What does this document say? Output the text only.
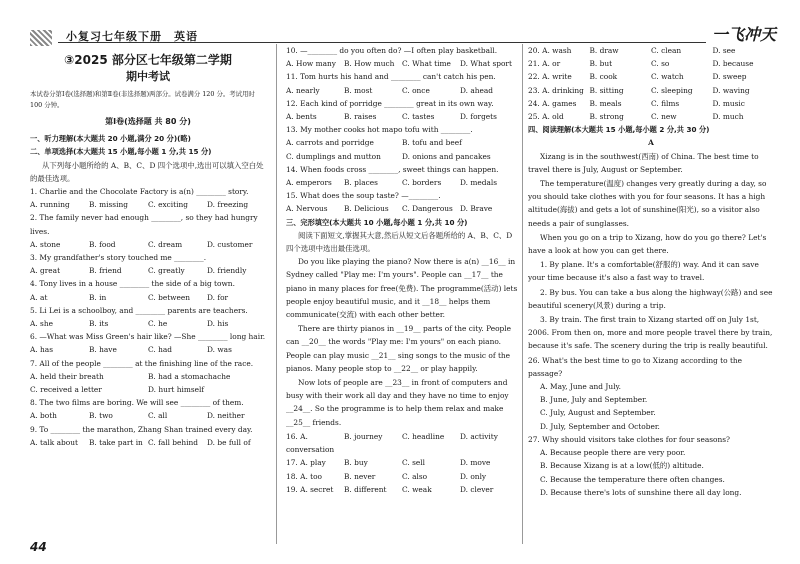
小复习七年级下册　英语	一飞冲天
③2025 部分区七年级第二学期
期中考试
本试卷分第Ⅰ卷(选择题)和第Ⅱ卷(非选择题)两部分。试卷满分 120 分。考试用时 100 分钟。
第Ⅰ卷(选择题 共 80 分)
一、听力理解(本大题共 20 小题,满分 20 分)(略)
二、单项选择(本大题共 15 小题,每小题 1 分,共 15 分)
从下列每小题所给的 A、B、C、D 四个选项中,选出可以填入空白处的最佳选项。
1. Charlie and the Chocolate Factory is a(n) ________ story.
A. running	B. missing	C. exciting	D. freezing
2. The family never had enough ________, so they had hungry lives.
A. stone	B. food	C. dream	D. customer
3. My grandfather's story touched me ________.
A. great	B. friend	C. greatly	D. friendly
4. Tony lives in a house ________ the side of a big town.
A. at	B. in	C. between	D. for
5. Li Lei is a schoolboy, and ________ parents are teachers.
A. she	B. its	C. he	D. his
6. —What was Miss Green's hair like? —She ________ long hair.
A. has	B. have	C. had	D. was
7. All of the people ________ at the finishing line of the race.
A. held their breath	B. had a stomachache
C. received a letter	D. hurt himself
8. The two films are boring. We will see ________ of them.
A. both	B. two	C. all	D. neither
9. To ________ the marathon, Zhang Shan trained every day.
A. talk about	B. take part in C. fall behind	D. be full of
10. —________ do you often do? —I often play basketball.
A. How many	B. How much	C. What time	D. What sport
11. Tom hurts his hand and ________ can't catch his pen.
A. nearly	B. most	C. once	D. ahead
12. Each kind of porridge ________ great in its own way.
A. bents	B. raises	C. tastes	D. forgets
13. My mother cooks hot mapo tofu with ________.
A. carrots and porridge	B. tofu and beef
C. dumplings and mutton	D. onions and pancakes
14. When foods cross ________, sweet things can happen.
A. emperors	B. places	C. borders	D. medals
15. What does the soup taste? —________.
A. Nervous	B. Delicious	C. Dangerous D. Brave
三、完形填空(本大题共 10 小题,每小题 1 分,共 10 分)
阅读下面短文,掌握其大意,然后从短文后各题所给的 A、B、C、D 四个选项中选出最佳选项。
Do you like playing the piano? Now there is a(n) __16__ in Sydney called "Play me: I'm yours". People can __17__ the piano in many places for free(免费). The programme(活动) lets people enjoy beautiful music, and it __18__ helps them communicate(交流) with each other better.
There are thirty pianos in __19__ parts of the city. People can __20__ the words "Play me: I'm yours" on each piano. People can play music __21__ sing songs to the music of the pianos. Many people stop to __22__ or play happily.
Now lots of people are __23__ in front of computers and busy with their work all day and they have no time to enjoy __24__. So the programme is to help them relax and make __25__ friends.
16. A. conversation
B. journey	C. headline	D. activity
17. A. play	B. buy	C. sell	D. move
18. A. too	B. never	C. also	D. only
19. A. secret	B. different	C. weak	D. clever
20. A. wash	B. draw	C. clean	D. see
21. A. or	B. but	C. so	D. because
22. A. write	B. cook	C. watch	D. sweep
23. A. drinking B. sitting	C. sleeping	D. waving
24. A. games	B. meals	C. films	D. music
25. A. old	B. strong	C. new	D. much
四、阅读理解(本大题共 15 小题,每小题 2 分,共 30 分)
A
Xizang is in the southwest(西南) of China. The best time to travel there is July, August or September.
The temperature(温度) changes very greatly during a day, so you should take clothes with you for four seasons. It has a high altitude(海拔) and gets a lot of sunshine(阳光), so a visitor also needs a pair of sunglasses.
When you go on a trip to Xizang, how do you go there? Let's have a look at how you can get there.
1. By plane. It's a comfortable(舒服的) way. And it can save your time because it's also a fast way to travel.
2. By bus. You can take a bus along the highway(公路) and see beautiful scenery(风景) during a trip.
3. By train. The first train to Xizang started off on July 1st, 2006. From then on, more and more people travel there by train, because it's safe. The scenery during the trip is really beautiful.
26. What's the best time to go to Xizang according to the passage?
A. May, June and July.
B. June, July and September.
C. July, August and September.
D. July, September and October.
27. Why should visitors take clothes for four seasons?
A. Because people there are very poor.
B. Because Xizang is at a low(低的) altitude.
C. Because the temperature there often changes.
D. Because there's lots of sunshine there all day long.
44
